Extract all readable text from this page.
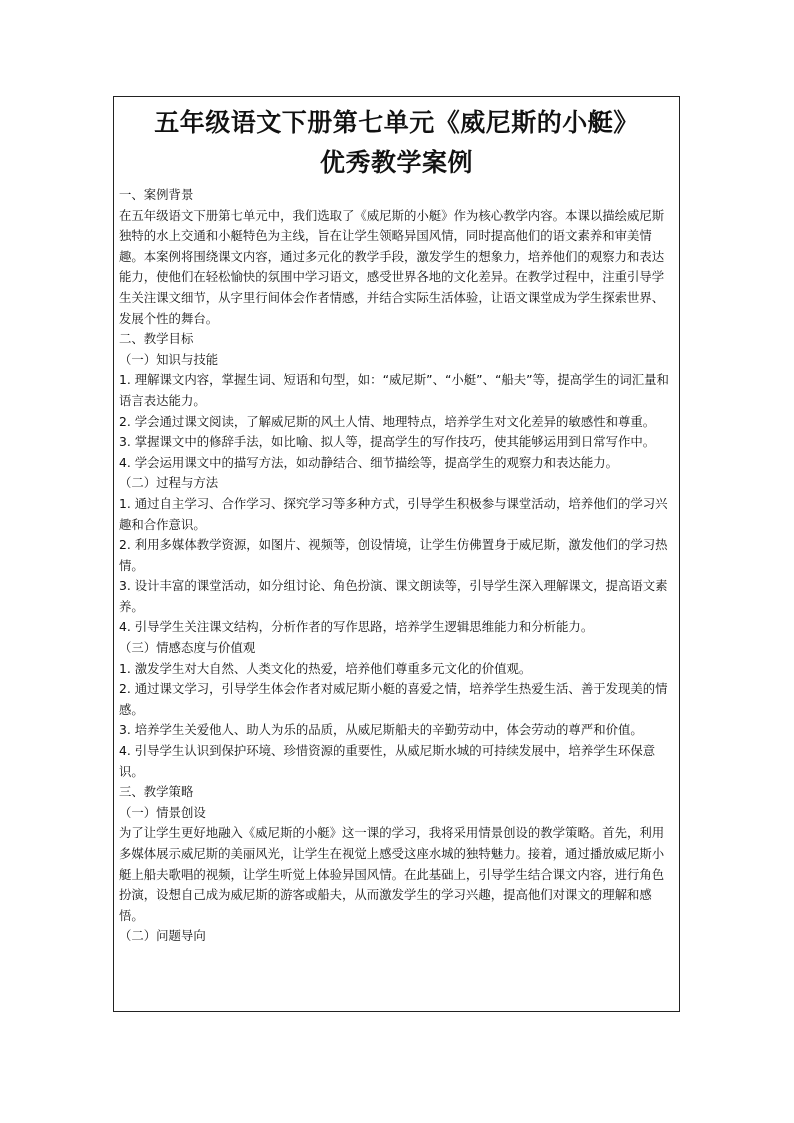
五年级语文下册第七单元《威尼斯的小艇》
优秀教学案例

一、案例背景

在五年级语文下册第七单元中，我们选取了《威尼斯的小艇》作为核心教学内容。本课以描绘威尼斯独特的水上交通和小艇特色为主线，旨在让学生领略异国风情，同时提高他们的语文素养和审美情趣。本案例将围绕课文内容，通过多元化的教学手段，激发学生的想象力，培养他们的观察力和表达能力，使他们在轻松愉快的氛围中学习语文，感受世界各地的文化差异。在教学过程中，注重引导学生关注课文细节，从字里行间体会作者情感，并结合实际生活体验，让语文课堂成为学生探索世界、发展个性的舞台。

二、教学目标

（一）知识与技能

1. 理解课文内容，掌握生词、短语和句型，如：“威尼斯”、“小艇”、“船夫”等，提高学生的词汇量和语言表达能力。

2. 学会通过课文阅读，了解威尼斯的风土人情、地理特点，培养学生对文化差异的敏感性和尊重。

3. 掌握课文中的修辞手法，如比喻、拟人等，提高学生的写作技巧，使其能够运用到日常写作中。

4. 学会运用课文中的描写方法，如动静结合、细节描绘等，提高学生的观察力和表达能力。

（二）过程与方法

1. 通过自主学习、合作学习、探究学习等多种方式，引导学生积极参与课堂活动，培养他们的学习兴趣和合作意识。

2. 利用多媒体教学资源，如图片、视频等，创设情境，让学生仿佛置身于威尼斯，激发他们的学习热情。

3. 设计丰富的课堂活动，如分组讨论、角色扮演、课文朗读等，引导学生深入理解课文，提高语文素养。

4. 引导学生关注课文结构，分析作者的写作思路，培养学生逻辑思维能力和分析能力。

（三）情感态度与价值观

1. 激发学生对大自然、人类文化的热爱，培养他们尊重多元文化的价值观。

2. 通过课文学习，引导学生体会作者对威尼斯小艇的喜爱之情，培养学生热爱生活、善于发现美的情感。

3. 培养学生关爱他人、助人为乐的品质，从威尼斯船夫的辛勤劳动中，体会劳动的尊严和价值。

4. 引导学生认识到保护环境、珍惜资源的重要性，从威尼斯水城的可持续发展中，培养学生环保意识。

三、教学策略

（一）情景创设

为了让学生更好地融入《威尼斯的小艇》这一课的学习，我将采用情景创设的教学策略。首先，利用多媒体展示威尼斯的美丽风光，让学生在视觉上感受这座水城的独特魅力。接着，通过播放威尼斯小艇上船夫歌唱的视频，让学生听觉上体验异国风情。在此基础上，引导学生结合课文内容，进行角色扮演，设想自己成为威尼斯的游客或船夫，从而激发学生的学习兴趣，提高他们对课文的理解和感悟。

（二）问题导向
